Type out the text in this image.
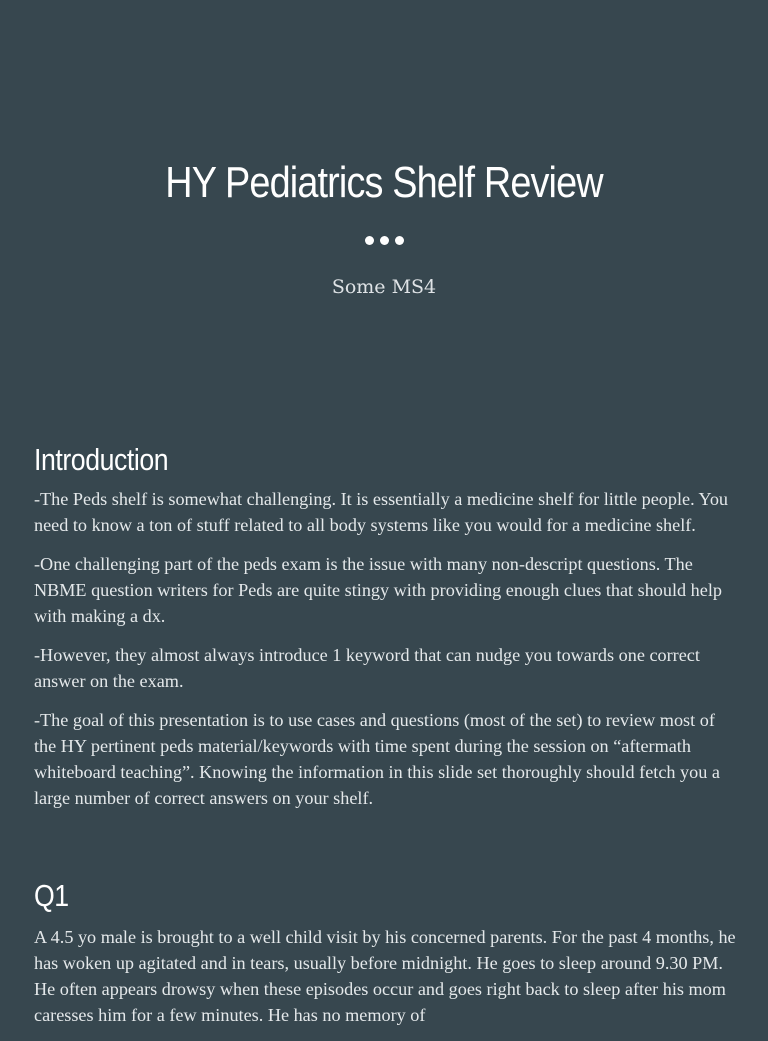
HY Pediatrics Shelf Review

Some MS4
Introduction

-The Peds shelf is somewhat challenging. It is essentially a medicine shelf for little people. You need to know a ton of stuff related to all body systems like you would for a medicine shelf.

-One challenging part of the peds exam is the issue with many non-descript questions. The NBME question writers for Peds are quite stingy with providing enough clues that should help with making a dx.

-However, they almost always introduce 1 keyword that can nudge you towards one correct answer on the exam.

-The goal of this presentation is to use cases and questions (most of the set) to review most of the HY pertinent peds material/keywords with time spent during the session on “aftermath whiteboard teaching”. Knowing the information in this slide set thoroughly should fetch you a large number of correct answers on your shelf.

Q1

A 4.5 yo male is brought to a well child visit by his concerned parents. For the past 4 months, he has woken up agitated and in tears, usually before midnight. He goes to sleep around 9.30 PM. He often appears drowsy when these episodes occur and goes right back to sleep after his mom caresses him for a few minutes. He has no memory of
